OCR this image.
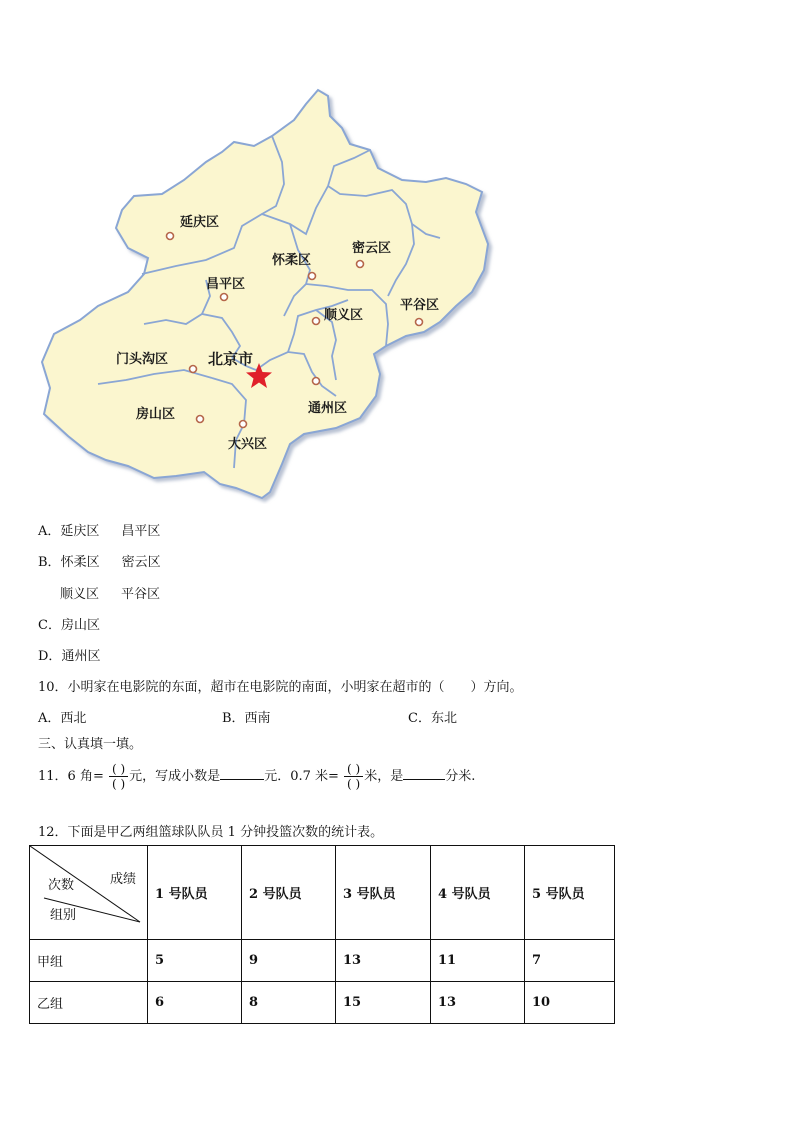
延庆区
怀柔区
密云区
昌平区
顺义区
平谷区
门头沟区	北京市
房山区	通州区
大兴区
A．延庆区 昌平区
B．怀柔区 密云区
顺义区 平谷区
C．房山区
D．通州区
10．小明家在电影院的东面，超市在电影院的南面，小明家在超市的（　　）方向。
A．西北	B．西南	C．东北
三、认真填一填。
11．6 角= $\frac{( )}{( )}$ 元，写成小数是	元．0.7 米= $\frac{( )}{( )}$ 米，是	分米.
12．下面是甲乙两组篮球队队员 1 分钟投篮次数的统计表。
成绩
次数
组别	1 号队员	2 号队员	3 号队员	4 号队员	5 号队员
甲组	5	9	13	11	7
乙组	6	8	15	13	10
